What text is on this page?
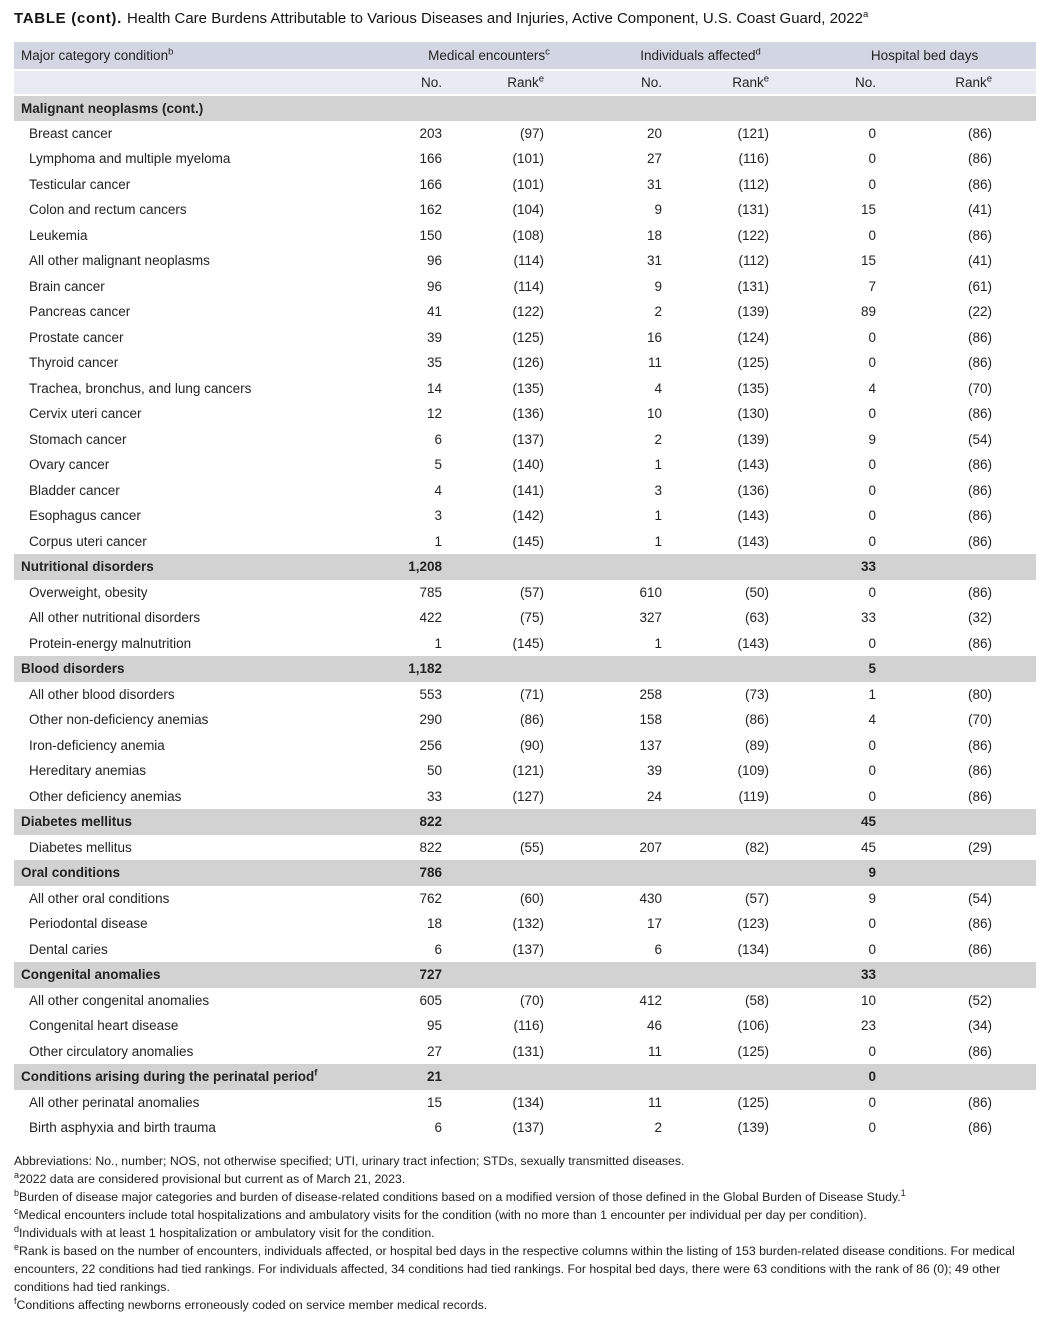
TABLE (cont). Health Care Burdens Attributable to Various Diseases and Injuries, Active Component, U.S. Coast Guard, 2022$^a$
Major category condition$^b$	Medical encounters$^c$		Individuals affected$^d$		Hospital bed days	
	No.	Rank$^e$	No.	Rank$^e$	No.	Rank$^e$
Malignant neoplasms (cont.)						
Breast cancer	203	(97)	20	(121)	0	(86)
Lymphoma and multiple myeloma	166	(101)	27	(116)	0	(86)
Testicular cancer	166	(101)	31	(112)	0	(86)
Colon and rectum cancers	162	(104)	9	(131)	15	(41)
Leukemia	150	(108)	18	(122)	0	(86)
All other malignant neoplasms	96	(114)	31	(112)	15	(41)
Brain cancer	96	(114)	9	(131)	7	(61)
Pancreas cancer	41	(122)	2	(139)	89	(22)
Prostate cancer	39	(125)	16	(124)	0	(86)
Thyroid cancer	35	(126)	11	(125)	0	(86)
Trachea, bronchus, and lung cancers	14	(135)	4	(135)	4	(70)
Cervix uteri cancer	12	(136)	10	(130)	0	(86)
Stomach cancer	6	(137)	2	(139)	9	(54)
Ovary cancer	5	(140)	1	(143)	0	(86)
Bladder cancer	4	(141)	3	(136)	0	(86)
Esophagus cancer	3	(142)	1	(143)	0	(86)
Corpus uteri cancer	1	(145)	1	(143)	0	(86)
Nutritional disorders	1,208				33	
Overweight, obesity	785	(57)	610	(50)	0	(86)
All other nutritional disorders	422	(75)	327	(63)	33	(32)
Protein-energy malnutrition	1	(145)	1	(143)	0	(86)
Blood disorders	1,182				5	
All other blood disorders	553	(71)	258	(73)	1	(80)
Other non-deficiency anemias	290	(86)	158	(86)	4	(70)
Iron-deficiency anemia	256	(90)	137	(89)	0	(86)
Hereditary anemias	50	(121)	39	(109)	0	(86)
Other deficiency anemias	33	(127)	24	(119)	0	(86)
Diabetes mellitus	822				45	
Diabetes mellitus	822	(55)	207	(82)	45	(29)
Oral conditions	786				9	
All other oral conditions	762	(60)	430	(57)	9	(54)
Periodontal disease	18	(132)	17	(123)	0	(86)
Dental caries	6	(137)	6	(134)	0	(86)
Congenital anomalies	727				33	
All other congenital anomalies	605	(70)	412	(58)	10	(52)
Congenital heart disease	95	(116)	46	(106)	23	(34)
Other circulatory anomalies	27	(131)	11	(125)	0	(86)
Conditions arising during the perinatal period$^f$	21				0	
All other perinatal anomalies	15	(134)	11	(125)	0	(86)
Birth asphyxia and birth trauma	6	(137)	2	(139)	0	(86)
Abbreviations: No., number; NOS, not otherwise specified; UTI, urinary tract infection; STDs, sexually transmitted diseases.
$^a$2022 data are considered provisional but current as of March 21, 2023.
$^b$Burden of disease major categories and burden of disease-related conditions based on a modified version of those defined in the Global Burden of Disease Study.$^1$
$^c$Medical encounters include total hospitalizations and ambulatory visits for the condition (with no more than 1 encounter per individual per day per condition).
$^d$Individuals with at least 1 hospitalization or ambulatory visit for the condition.
$^e$Rank is based on the number of encounters, individuals affected, or hospital bed days in the respective columns within the listing of 153 burden-related disease conditions. For medical encounters, 22 conditions had tied rankings. For individuals affected, 34 conditions had tied rankings. For hospital bed days, there were 63 conditions with the rank of 86 (0); 49 other conditions had tied rankings.
$^f$Conditions affecting newborns erroneously coded on service member medical records.
